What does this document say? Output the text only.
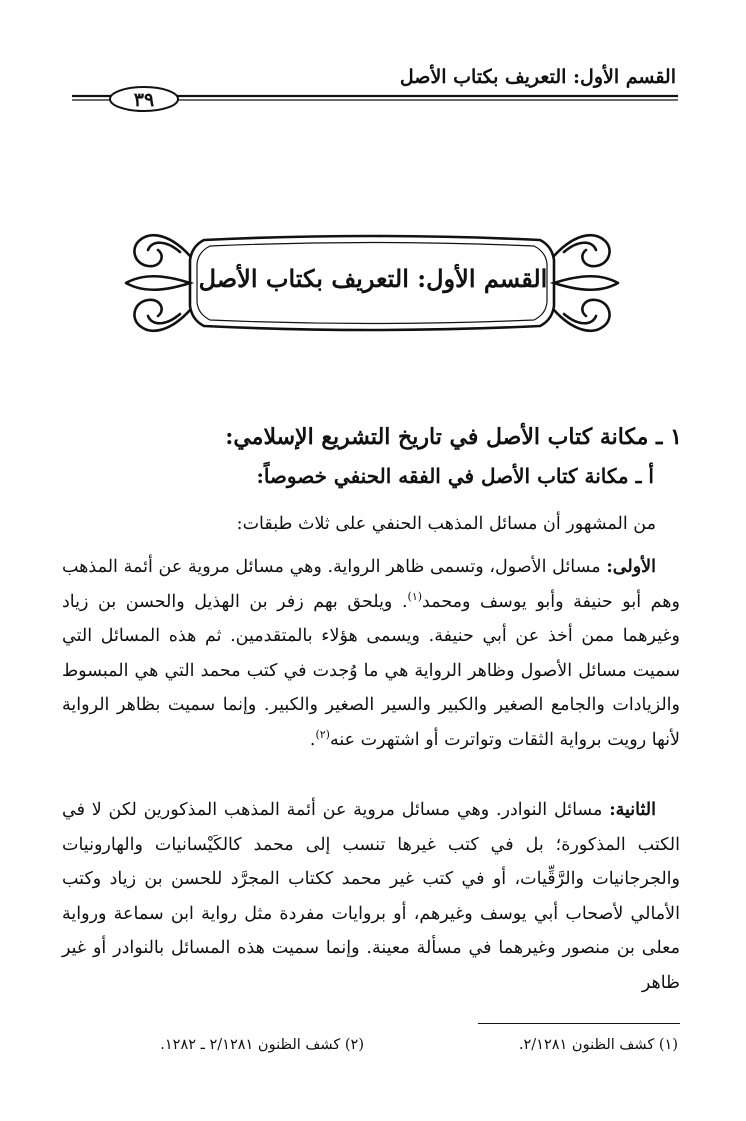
القسم الأول: التعريف بكتاب الأصل
٣٩
القسم الأول: التعريف بكتاب الأصل
١ ـ مكانة كتاب الأصل في تاريخ التشريع الإسلامي:
أ ـ مكانة كتاب الأصل في الفقه الحنفي خصوصاً:
من المشهور أن مسائل المذهب الحنفي على ثلاث طبقات:
الأولى: مسائل الأصول، وتسمى ظاهر الرواية. وهي مسائل مروية عن أئمة المذهب وهم أبو حنيفة وأبو يوسف ومحمد$^{(١)}$. ويلحق بهم زفر بن الهذيل والحسن بن زياد وغيرهما ممن أخذ عن أبي حنيفة. ويسمى هؤلاء بالمتقدمين. ثم هذه المسائل التي سميت مسائل الأصول وظاهر الرواية هي ما وُجدت في كتب محمد التي هي المبسوط والزيادات والجامع الصغير والكبير والسير الصغير والكبير. وإنما سميت بظاهر الرواية لأنها رويت برواية الثقات وتواترت أو اشتهرت عنه$^{(٢)}$.
الثانية: مسائل النوادر. وهي مسائل مروية عن أئمة المذهب المذكورين لكن لا في الكتب المذكورة؛ بل في كتب غيرها تنسب إلى محمد كالكَيْسانيات والهارونيات والجرجانيات والرَّقِّيات، أو في كتب غير محمد ككتاب المجرَّد للحسن بن زياد وكتب الأمالي لأصحاب أبي يوسف وغيرهم، أو بروايات مفردة مثل رواية ابن سماعة ورواية معلى بن منصور وغيرهما في مسألة معينة. وإنما سميت هذه المسائل بالنوادر أو غير ظاهر
(١) كشف الظنون ٢/١٢٨١.
(٢) كشف الظنون ٢/١٢٨١ ـ ١٢٨٢.
